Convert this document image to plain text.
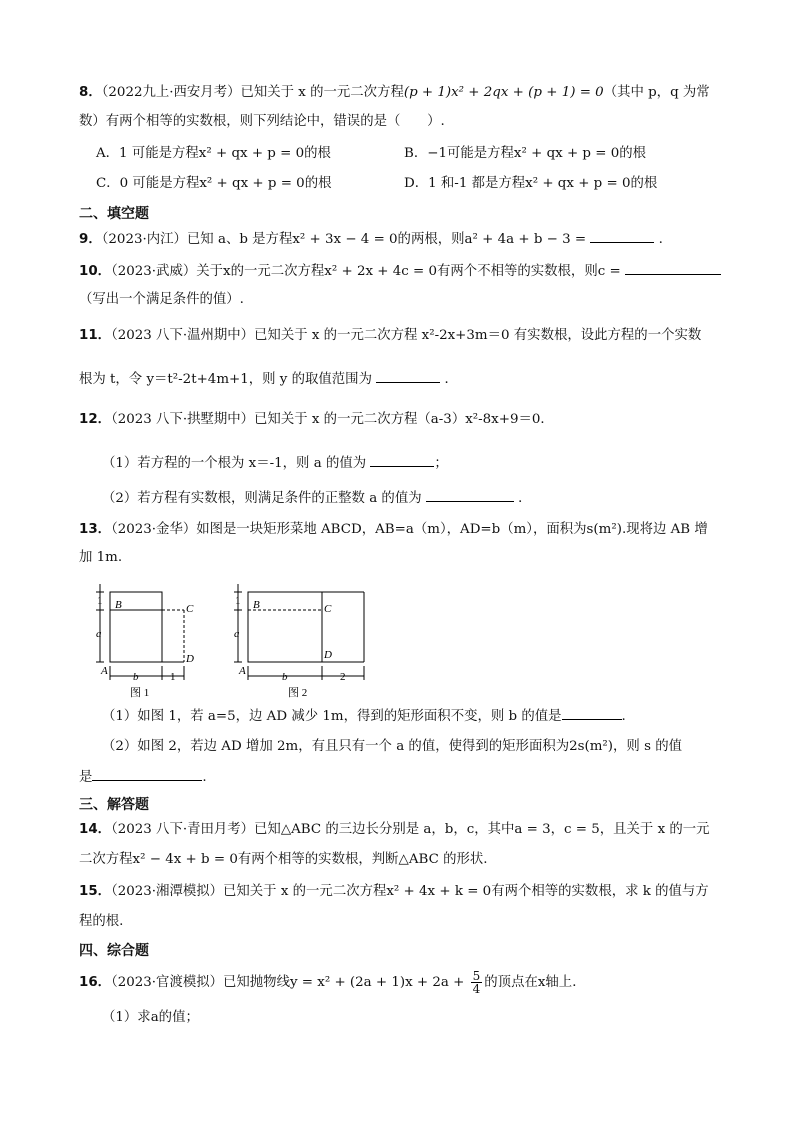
8．（2022九上·西安月考）已知关于 x 的一元二次方程(p + 1)x² + 2qx + (p + 1) = 0（其中 p，q 为常
数）有两个相等的实数根，则下列结论中，错误的是（　　）.
A．1 可能是方程x² + qx + p = 0的根	B．−1可能是方程x² + qx + p = 0的根
C．0 可能是方程x² + qx + p = 0的根	D．1 和-1 都是方程x² + qx + p = 0的根
二、填空题
9．（2023·内江）已知 a、b 是方程x² + 3x − 4 = 0的两根，则a² + 4a + b − 3 =	.
10．（2023·武威）关于x的一元二次方程x² + 2x + 4c = 0有两个不相等的实数根，则c =
（写出一个满足条件的值）.
11．（2023 八下·温州期中）已知关于 x 的一元二次方程 x²-2x+3m＝0 有实数根，设此方程的一个实数
根为 t，令 y＝t²-2t+4m+1，则 y 的取值范围为	．
12．（2023 八下·拱墅期中）已知关于 x 的一元二次方程（a-3）x²-8x+9＝0．
（1）若方程的一个根为 x＝-1，则 a 的值为	；
（2）若方程有实数根，则满足条件的正整数 a 的值为	．
13．（2023·金华）如图是一块矩形菜地 ABCD，AB=a（m），AD=b（m），面积为s(m²).现将边 AB 增
加 1m.
1
a
B	C
A
D
b	1
图 1
1
a
B	C
A
D
b	2
图 2
（1）如图 1，若 a=5，边 AD 减少 1m，得到的矩形面积不变，则 b 的值是	.
（2）如图 2，若边 AD 增加 2m，有且只有一个 a 的值，使得到的矩形面积为2s(m²)，则 s 的值
是	.
三、解答题
14．（2023 八下·青田月考）已知△ABC 的三边长分别是 a，b，c，其中a = 3，c = 5，且关于 x 的一元
二次方程x² − 4x + b = 0有两个相等的实数根，判断△ABC 的形状.
15．（2023·湘潭模拟）已知关于 x 的一元二次方程x² + 4x + k = 0有两个相等的实数根，求 k 的值与方
程的根.
四、综合题
16．（2023·官渡模拟）已知抛物线$y = x^2 + (2a + 1)x + 2a + \frac{5}{4}$ 的顶点在x轴上．
（1）求a的值；
